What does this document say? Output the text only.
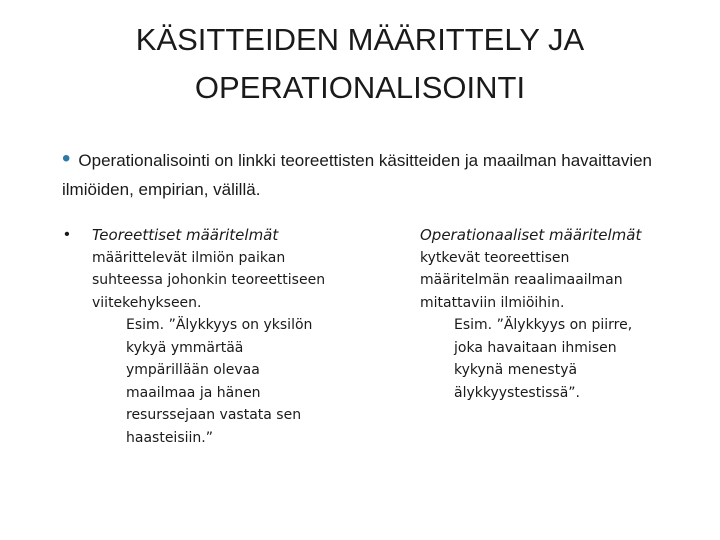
KÄSITTEIDEN MÄÄRITTELY JA
OPERATIONALISOINTI

• Operationalisointi on linkki teoreettisten käsitteiden ja maailman havaittavien ilmiöiden, empirian, välillä.

• Teoreettiset määritelmät
määrittelevät ilmiön paikan
suhteessa johonkin teoreettiseen
viitekehykseen.
Esim. ”Älykkyys on yksilön
kykyä ymmärtää
ympärillään olevaa
maailmaa ja hänen
resurssejaan vastata sen
haasteisiin.”
Operationaaliset määritelmät
kytkevät teoreettisen
määritelmän reaalimaailman
mitattaviin ilmiöihin.
Esim. ”Älykkyys on piirre,
joka havaitaan ihmisen
kykynä menestyä
älykkyystestissä”.
